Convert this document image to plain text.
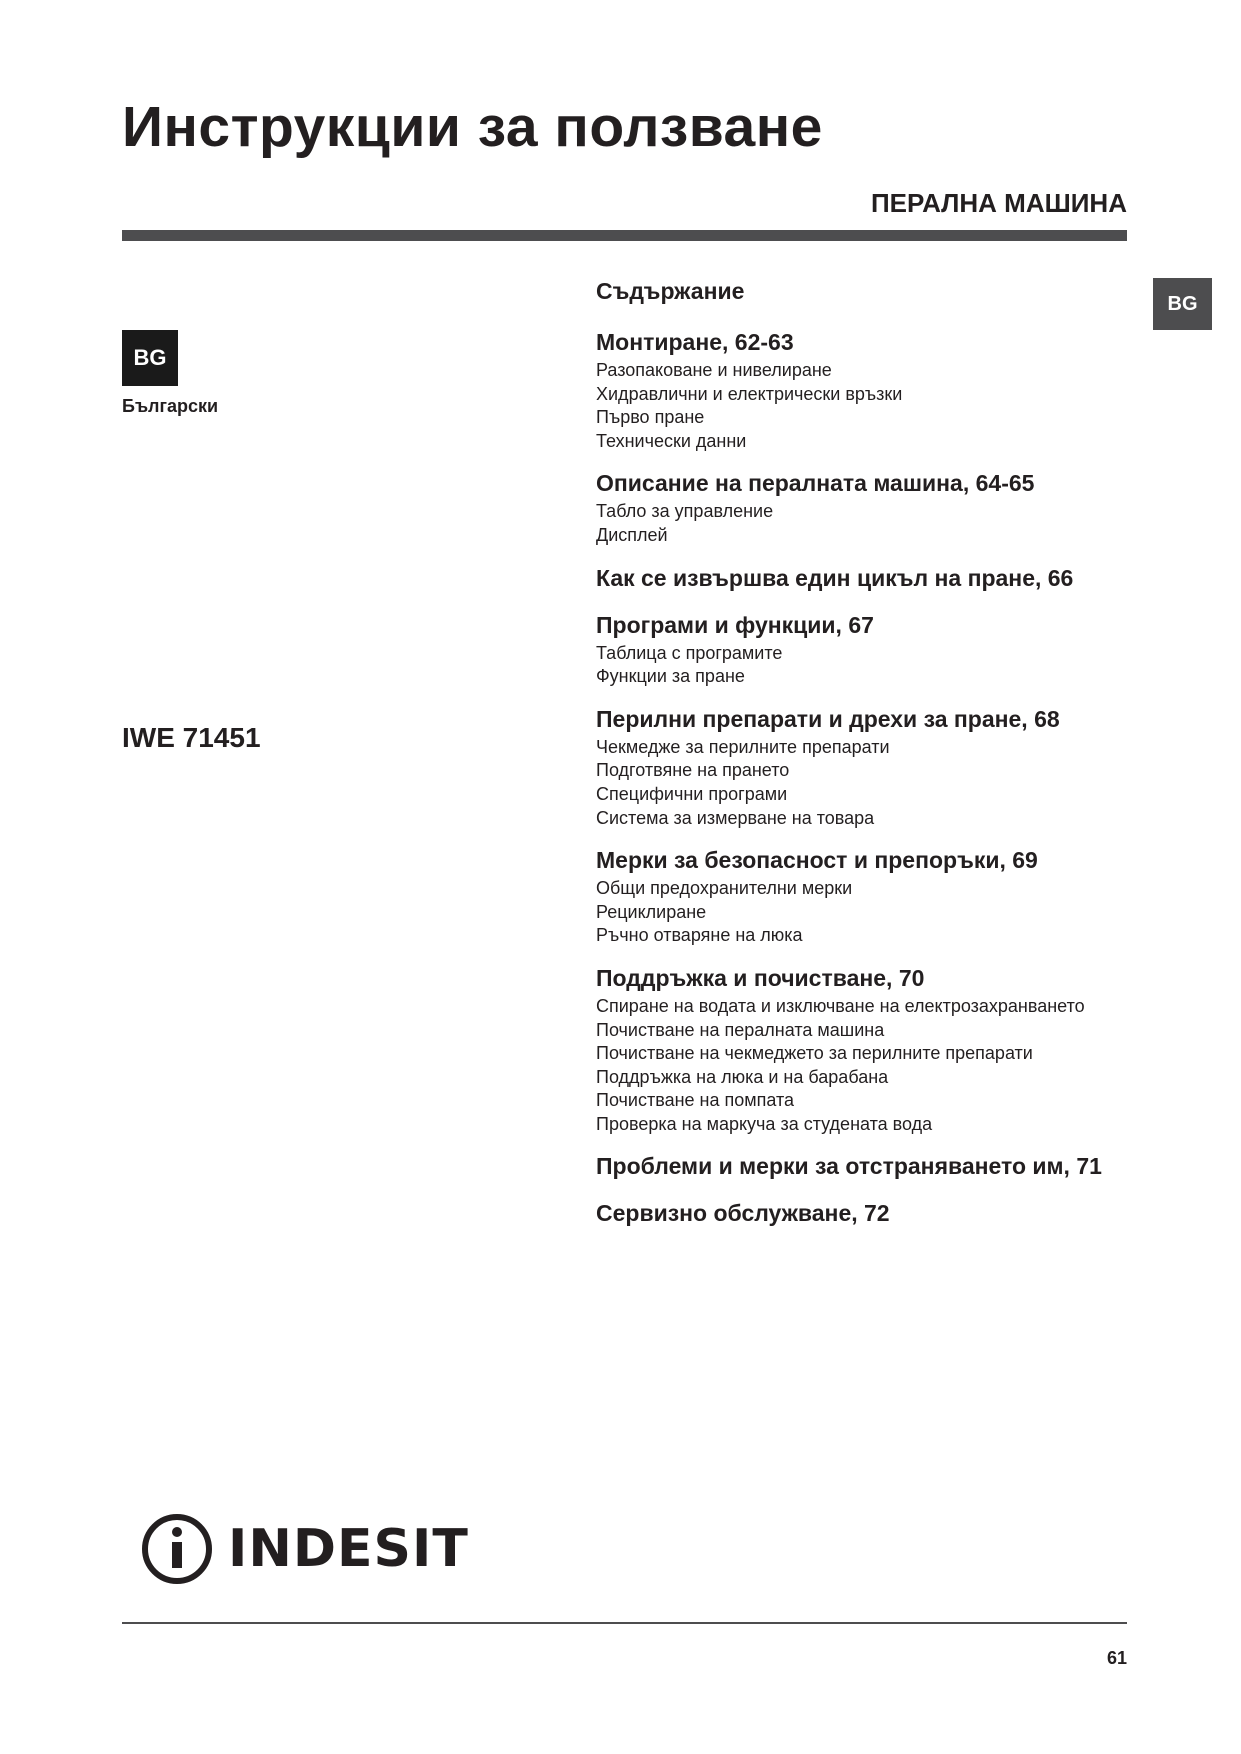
Инструкции за ползване
ПЕРАЛНА МАШИНА
BG
Български
BG
IWE 71451
Съдържание
Монтиране, 62-63
Разопаковане и нивелиране
Хидравлични и електрически връзки
Първо пране
Технически данни
Описание на пералната машина, 64-65
Табло за управление
Дисплей
Как се извършва един цикъл на пране, 66
Програми и функции, 67
Таблица с програмите
Функции за пране
Перилни препарати и дрехи за пране, 68
Чекмедже за перилните препарати
Подготвяне на прането
Специфични програми
Система за измерване на товара
Мерки за безопасност и препоръки, 69
Общи предохранителни мерки
Рециклиране
Ръчно отваряне на люка
Поддръжка и почистване, 70
Спиране на водата и изключване на електрозахранването
Почистване на пералната машина
Почистване на чекмеджето за перилните препарати
Поддръжка на люка и на барабана
Почистване на помпата
Проверка на маркуча за студената вода
Проблеми и мерки за отстраняването им, 71
Сервизно обслужване, 72
INDESIT
61
